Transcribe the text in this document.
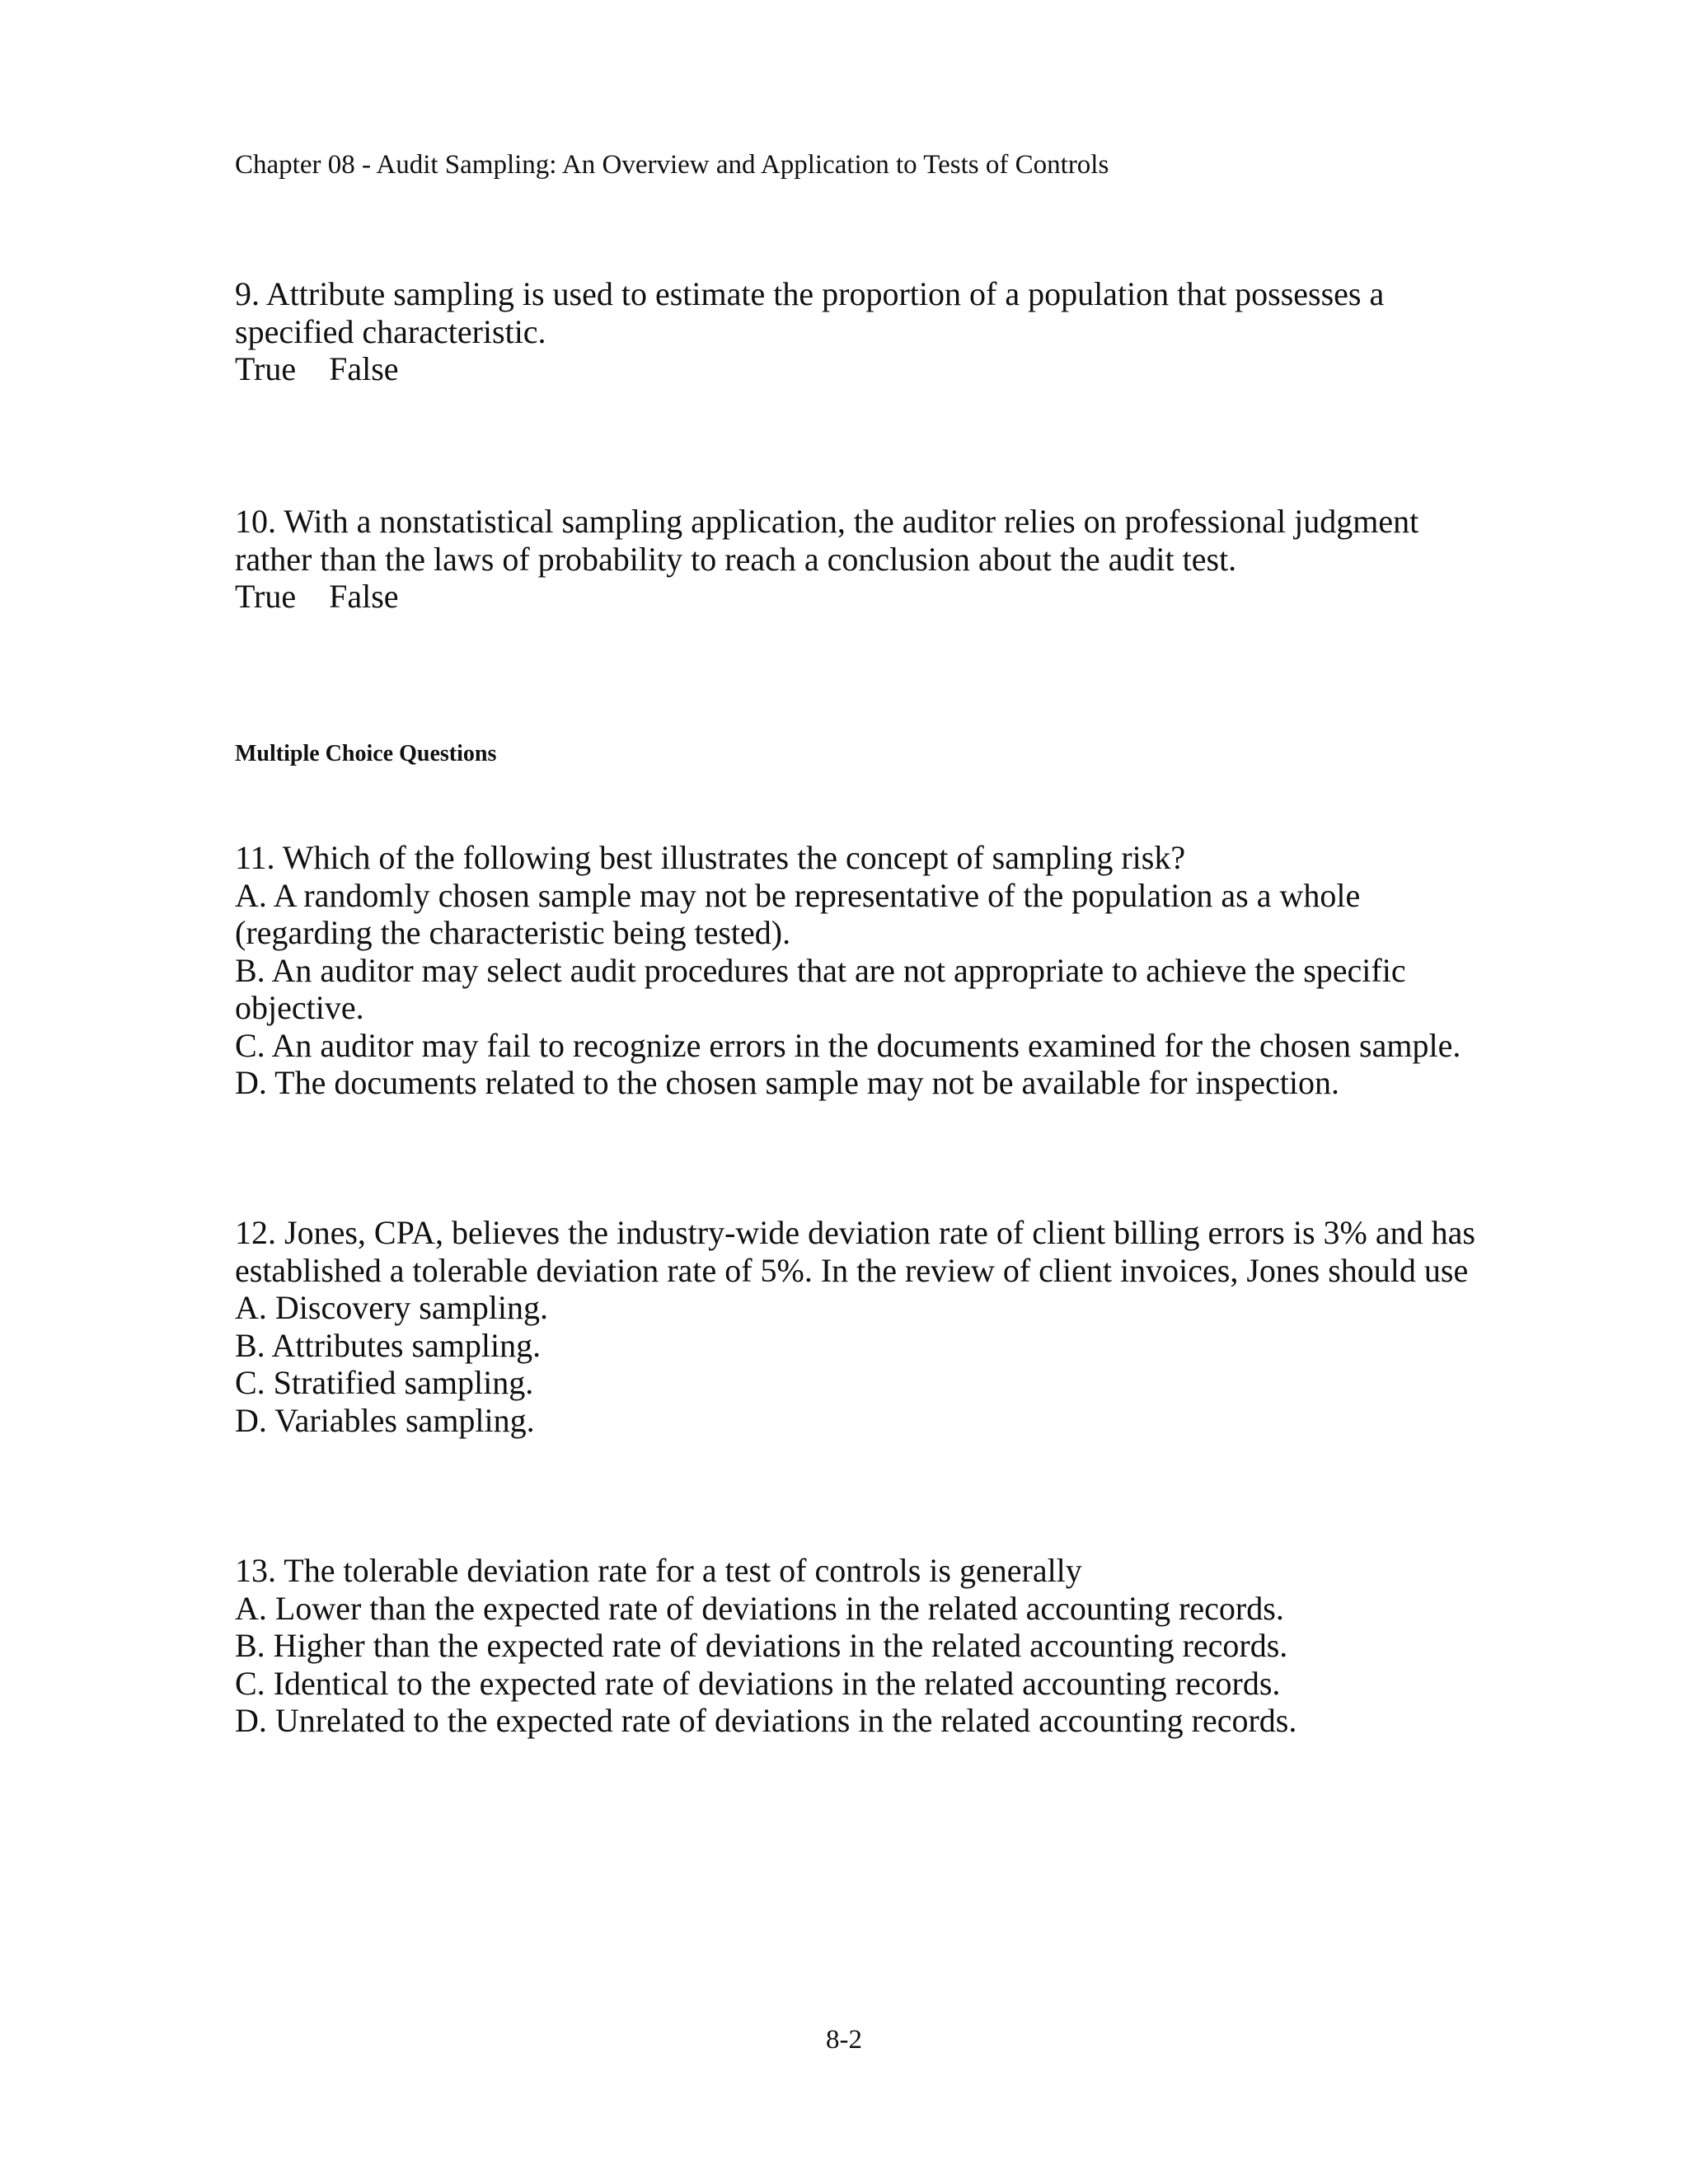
Chapter 08 - Audit Sampling: An Overview and Application to Tests of Controls
9. Attribute sampling is used to estimate the proportion of a population that possesses a
specified characteristic.
True False
10. With a nonstatistical sampling application, the auditor relies on professional judgment
rather than the laws of probability to reach a conclusion about the audit test.
True False
Multiple Choice Questions
11. Which of the following best illustrates the concept of sampling risk?
A. A randomly chosen sample may not be representative of the population as a whole
(regarding the characteristic being tested).
B. An auditor may select audit procedures that are not appropriate to achieve the specific
objective.
C. An auditor may fail to recognize errors in the documents examined for the chosen sample.
D. The documents related to the chosen sample may not be available for inspection.
12. Jones, CPA, believes the industry-wide deviation rate of client billing errors is 3% and has
established a tolerable deviation rate of 5%. In the review of client invoices, Jones should use
A. Discovery sampling.
B. Attributes sampling.
C. Stratified sampling.
D. Variables sampling.
13. The tolerable deviation rate for a test of controls is generally
A. Lower than the expected rate of deviations in the related accounting records.
B. Higher than the expected rate of deviations in the related accounting records.
C. Identical to the expected rate of deviations in the related accounting records.
D. Unrelated to the expected rate of deviations in the related accounting records.
8-2
